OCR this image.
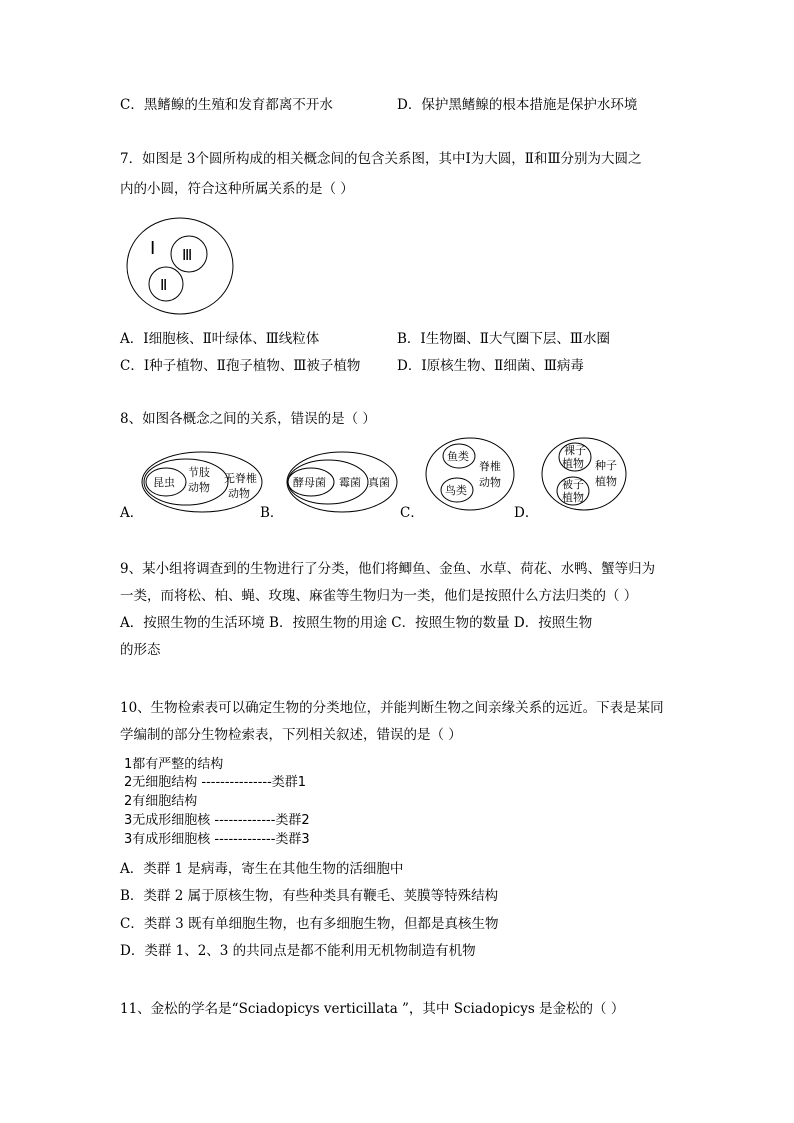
C．黑鳍鳈的生殖和发育都离不开水	D．保护黑鳍鳈的根本措施是保护水环境
7．如图是 3个圆所构成的相关概念间的包含关系图，其中Ⅰ为大圆，Ⅱ和Ⅲ分别为大圆之
内的小圆，符合这种所属关系的是（ ）
Ⅰ Ⅲ
Ⅱ
A．Ⅰ细胞核、Ⅱ叶绿体、Ⅲ线粒体	B．Ⅰ生物圈、Ⅱ大气圈下层、Ⅲ水圈
C．Ⅰ种子植物、Ⅱ孢子植物、Ⅲ被子植物	D．Ⅰ原核生物、Ⅱ细菌、Ⅲ病毒
8、如图各概念之间的关系，错误的是（ ）
昆虫
节肢
动物
无脊椎
动物
A．
酵母菌 霉菌 真菌
B．
鱼类
鸟类
脊椎
动物
C．
裸子
植物
被子
植物
种子
植物
D．
9、某小组将调查到的生物进行了分类，他们将鲫鱼、金鱼、水草、荷花、水鸭、蟹等归为
一类，而将松、柏、蝇、玫瑰、麻雀等生物归为一类，他们是按照什么方法归类的（ ）
A．按照生物的生活环境 B．按照生物的用途 C．按照生物的数量 D．按照生物
的形态
10、生物检索表可以确定生物的分类地位，并能判断生物之间亲缘关系的远近。下表是某同
学编制的部分生物检索表，下列相关叙述，错误的是（ ）
1都有严整的结构
2无细胞结构 ---------------类群1
2有细胞结构
3无成形细胞核 -------------类群2
3有成形细胞核 -------------类群3
A．类群 1 是病毒，寄生在其他生物的活细胞中
B．类群 2 属于原核生物，有些种类具有鞭毛、荚膜等特殊结构
C．类群 3 既有单细胞生物，也有多细胞生物，但都是真核生物
D．类群 1、2、3 的共同点是都不能利用无机物制造有机物
11、金松的学名是“Sciadopicys verticillata ”，其中 Sciadopicys 是金松的（ ）
